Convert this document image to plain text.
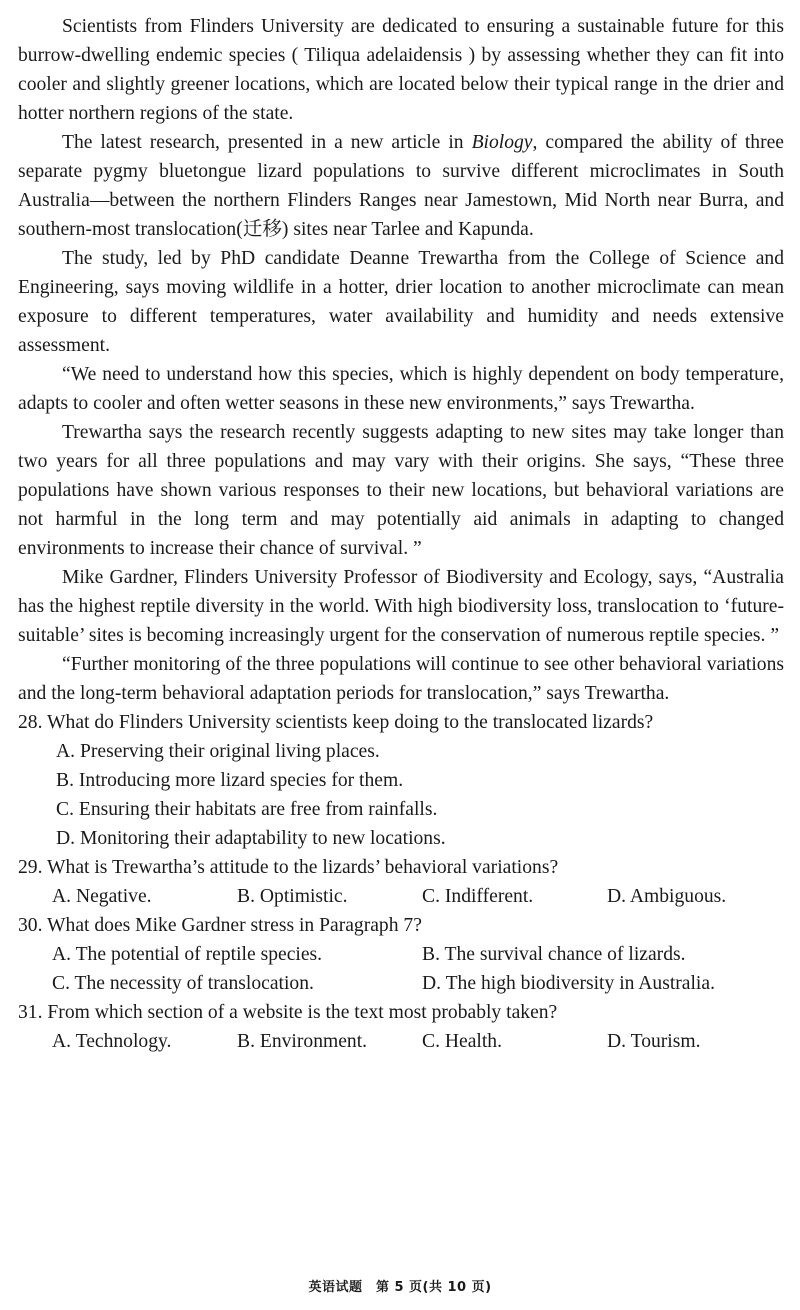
Scientists from Flinders University are dedicated to ensuring a sustainable future for this burrow-dwelling endemic species ( Tiliqua adelaidensis ) by assessing whether they can fit into cooler and slightly greener locations, which are located below their typical range in the drier and hotter northern regions of the state.

The latest research, presented in a new article in Biology, compared the ability of three separate pygmy bluetongue lizard populations to survive different microclimates in South Australia—between the northern Flinders Ranges near Jamestown, Mid North near Burra, and southern-most translocation(迁移) sites near Tarlee and Kapunda.

The study, led by PhD candidate Deanne Trewartha from the College of Science and Engineering, says moving wildlife in a hotter, drier location to another microclimate can mean exposure to different temperatures, water availability and humidity and needs extensive assessment.

“We need to understand how this species, which is highly dependent on body temperature, adapts to cooler and often wetter seasons in these new environments,” says Trewartha.

Trewartha says the research recently suggests adapting to new sites may take longer than two years for all three populations and may vary with their origins. She says, “These three populations have shown various responses to their new locations, but behavioral variations are not harmful in the long term and may potentially aid animals in adapting to changed environments to increase their chance of survival. ”

Mike Gardner, Flinders University Professor of Biodiversity and Ecology, says, “Australia has the highest reptile diversity in the world. With high biodiversity loss, translocation to ‘future-suitable’ sites is becoming increasingly urgent for the conservation of numerous reptile species. ”

“Further monitoring of the three populations will continue to see other behavioral variations and the long-term behavioral adaptation periods for translocation,” says Trewartha.

28. What do Flinders University scientists keep doing to the translocated lizards?

A. Preserving their original living places.

B. Introducing more lizard species for them.

C. Ensuring their habitats are free from rainfalls.

D. Monitoring their adaptability to new locations.

29. What is Trewartha’s attitude to the lizards’ behavioral variations?

A. Negative.	B. Optimistic.	C. Indifferent.	D. Ambiguous.

30. What does Mike Gardner stress in Paragraph 7?

A. The potential of reptile species.	B. The survival chance of lizards.

C. The necessity of translocation.	D. The high biodiversity in Australia.

31. From which section of a website is the text most probably taken?

A. Technology.	B. Environment.	C. Health.	D. Tourism.

英语试题　第 5 页(共 10 页)
